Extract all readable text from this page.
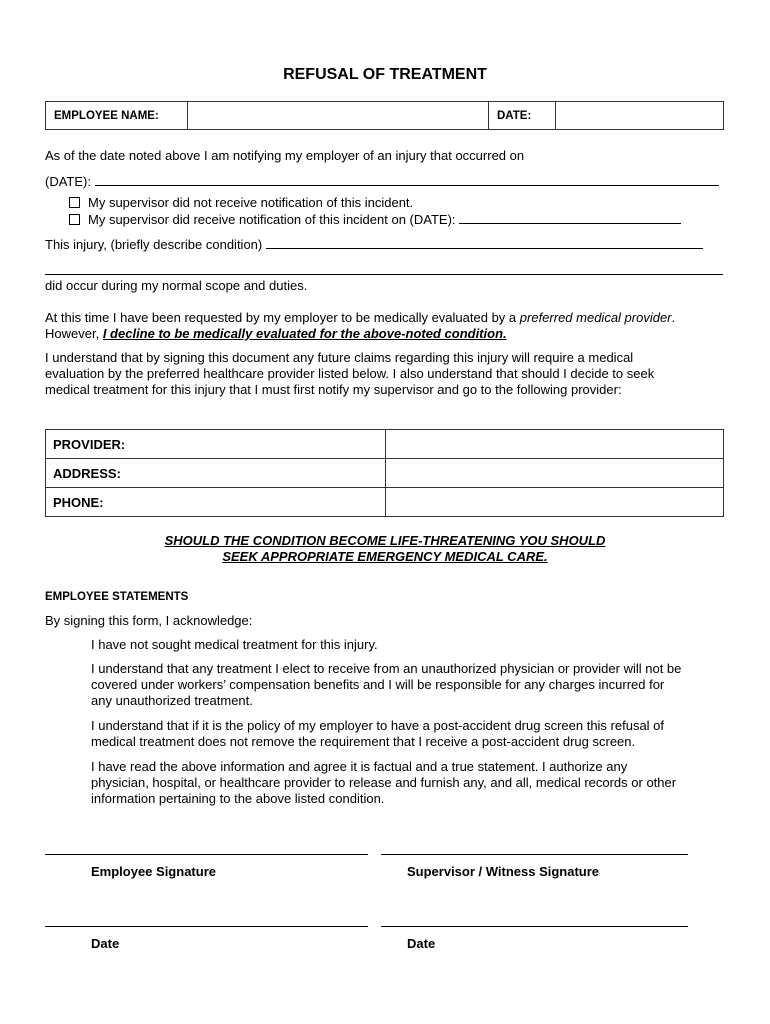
REFUSAL OF TREATMENT
EMPLOYEE NAME:	DATE:
As of the date noted above I am notifying my employer of an injury that occurred on
(DATE):
My supervisor did not receive notification of this incident.
My supervisor did receive notification of this incident on (DATE):
This injury, (briefly describe condition)
did occur during my normal scope and duties.
At this time I have been requested by my employer to be medically evaluated by a preferred medical provider.
However, I decline to be medically evaluated for the above-noted condition.
I understand that by signing this document any future claims regarding this injury will require a medical
evaluation by the preferred healthcare provider listed below. I also understand that should I decide to seek
medical treatment for this injury that I must first notify my supervisor and go to the following provider:
PROVIDER:
ADDRESS:
PHONE:
SHOULD THE CONDITION BECOME LIFE-THREATENING YOU SHOULD
SEEK APPROPRIATE EMERGENCY MEDICAL CARE.
EMPLOYEE STATEMENTS
By signing this form, I acknowledge:
I have not sought medical treatment for this injury.
I understand that any treatment I elect to receive from an unauthorized physician or provider will not be
covered under workers’ compensation benefits and I will be responsible for any charges incurred for
any unauthorized treatment.
I understand that if it is the policy of my employer to have a post-accident drug screen this refusal of
medical treatment does not remove the requirement that I receive a post-accident drug screen.
I have read the above information and agree it is factual and a true statement. I authorize any
physician, hospital, or healthcare provider to release and furnish any, and all, medical records or other
information pertaining to the above listed condition.
Employee Signature	Supervisor / Witness Signature
Date	Date
